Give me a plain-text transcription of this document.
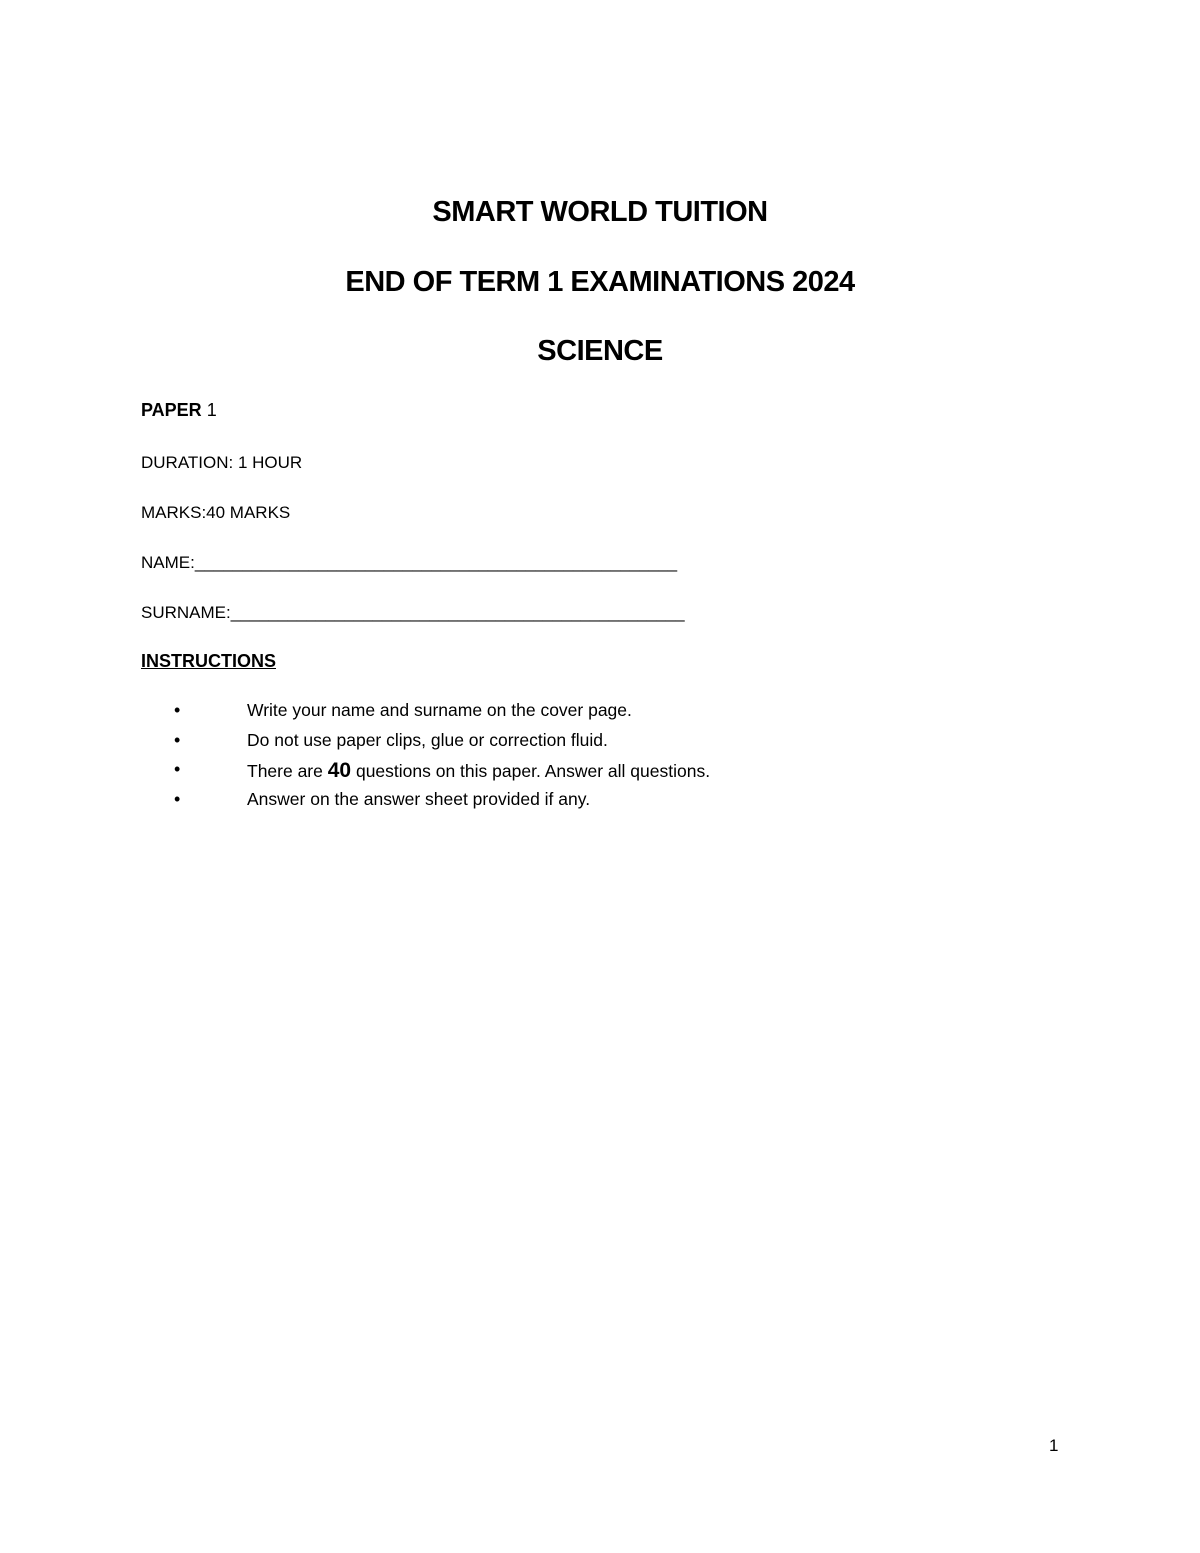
SMART WORLD TUITION
END OF TERM 1 EXAMINATIONS 2024
SCIENCE
PAPER 1
DURATION: 1 HOUR
MARKS:40 MARKS
NAME:___________________________________________________
SURNAME:________________________________________________
INSTRUCTIONS
•	Write your name and surname on the cover page.
•	Do not use paper clips, glue or correction fluid.
•	There are 40 questions on this paper. Answer all questions.
•	Answer on the answer sheet provided if any.
1
